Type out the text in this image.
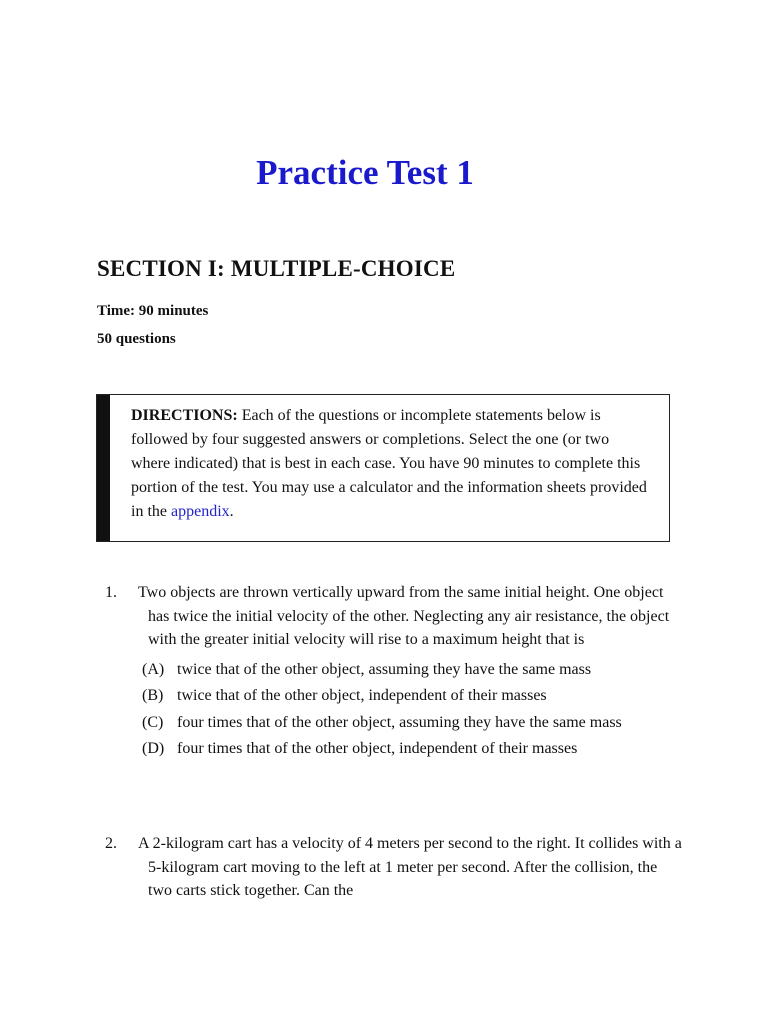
Practice Test 1
SECTION I: MULTIPLE-CHOICE

Time: 90 minutes

50 questions

DIRECTIONS: Each of the questions or incomplete statements below is followed by four suggested answers or completions. Select the one (or two where indicated) that is best in each case. You have 90 minutes to complete this portion of the test. You may use a calculator and the information sheets provided in the appendix.

1. Two objects are thrown vertically upward from the same initial height. One object has twice the initial velocity of the other. Neglecting any air resistance, the object with the greater initial velocity will rise to a maximum height that is

(A) twice that of the other object, assuming they have the same mass
(B) twice that of the other object, independent of their masses
(C) four times that of the other object, assuming they have the same mass
(D) four times that of the other object, independent of their masses
2. A 2-kilogram cart has a velocity of 4 meters per second to the right. It collides with a 5-kilogram cart moving to the left at 1 meter per second. After the collision, the two carts stick together. Can the
